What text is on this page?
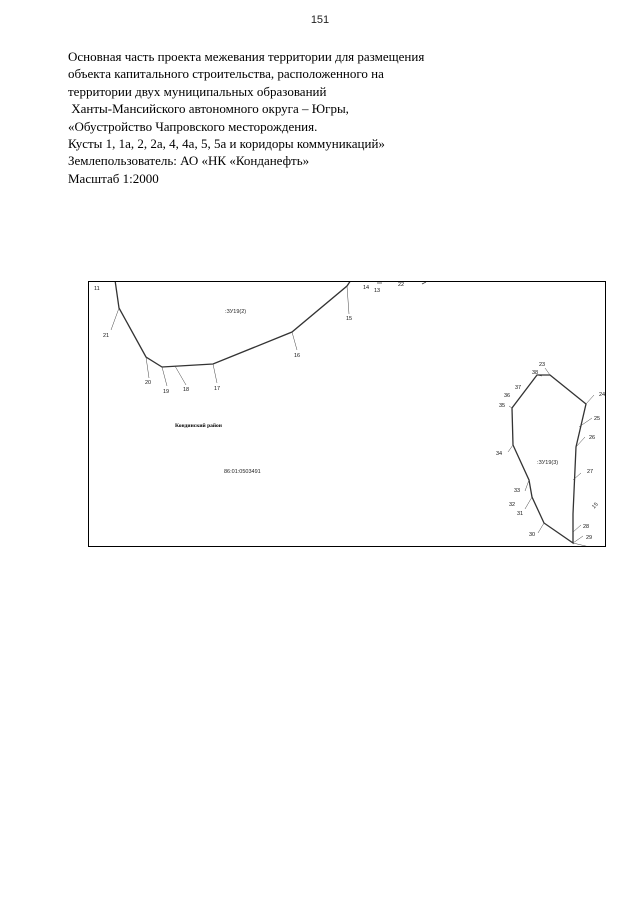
151
Основная часть проекта межевания территории для размещения
объекта капитального строительства, расположенного на
территории двух муниципальных образований
Ханты-Мансийского автономного округа – Югры,
«Обустройство Чапровского месторождения.
Кусты 1, 1а, 2, 2а, 4, 4а, 5, 5а и коридоры коммуникаций»
Землепользователь: АО «НК «Конданефть»
Масштаб 1:2000
11
21
20
19	18	17
16
15
14 13
22
23
38
37
36
35
34
33
32
31
30	29
28
27
26
25
24
:ЗУ19(2)
:ЗУ19(3)
Кондинский район
86:01:0503491
15
